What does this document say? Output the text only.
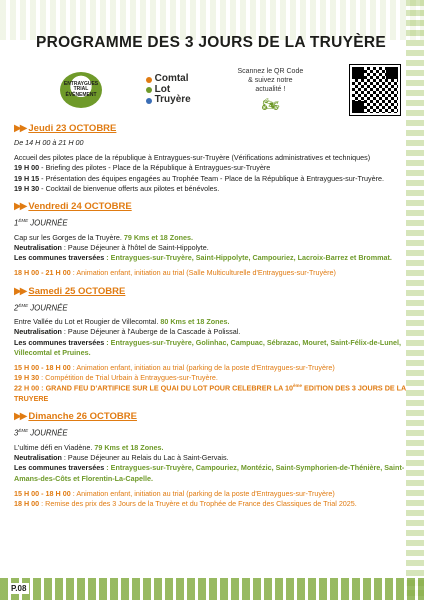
PROGRAMME DES 3 JOURS DE LA TRUYÈRE
ENTRAYGUES TRIAL ÉVÉNEMENT
Comtal
Lot
Truyère
Scannez le QR Code & suivez notre actualité !
🏍
▶▶ Jeudi 23 OCTOBRE

De 14 H 00 à 21 H 00

Accueil des pilotes place de la république à Entraygues-sur-Truyère (Vérifications administratives et techniques)

19 H 00 - Briefing des pilotes - Place de la République à Entraygues-sur-Truyère

19 H 15 - Présentation des équipes engagées au Trophée Team - Place de la République à Entraygues-sur-Truyère.

19 H 30 - Cocktail de bienvenue offerts aux pilotes et bénévoles.

▶▶ Vendredi 24 OCTOBRE

1ÈME JOURNÉE

Cap sur les Gorges de la Truyère. 79 Kms et 18 Zones.

Neutralisation : Pause Déjeuner à l'hôtel de Saint-Hippolyte.

Les communes traversées : Entraygues-sur-Truyère, Saint-Hippolyte, Campouriez, Lacroix-Barrez et Brommat.

18 H 00 - 21 H 00 : Animation enfant, initiation au trial (Salle Multiculturelle d'Entraygues-sur-Truyère)

▶▶ Samedi 25 OCTOBRE

2ÈME JOURNÉE

Entre Vallée du Lot et Rougier de Villecomtal. 80 Kms et 18 Zones.

Neutralisation : Pause Déjeuner à l'Auberge de la Cascade à Polissal.

Les communes traversées : Entraygues-sur-Truyère, Golinhac, Campuac, Sébrazac, Mouret, Saint-Félix-de-Lunel, Villecomtal et Pruines.

15 H 00 - 18 H 00 : Animation enfant, initiation au trial (parking de la poste d'Entraygues-sur-Truyère)

19 H 30 : Compétition de Trial Urbain à Entraygues-sur-Truyère.

22 H 00 : GRAND FEU D'ARTIFICE SUR LE QUAI DU LOT POUR CELEBRER LA 10ème EDITION DES 3 JOURS DE LA TRUYERE

▶▶ Dimanche 26 OCTOBRE

3ÈME JOURNÉE

L'ultime défi en Viadène. 79 Kms et 18 Zones.

Neutralisation : Pause Déjeuner au Relais du Lac à Saint-Gervais.

Les communes traversées : Entraygues-sur-Truyère, Campouriez, Montézic, Saint-Symphorien-de-Thénière, Saint-Amans-des-Côts et Florentin-La-Capelle.

15 H 00 - 18 H 00 : Animation enfant, initiation au trial (parking de la poste d'Entraygues-sur-Truyère)

18 H 00 : Remise des prix des 3 Jours de la Truyère et du Trophée de France des Classiques de Trial 2025.

P.08
